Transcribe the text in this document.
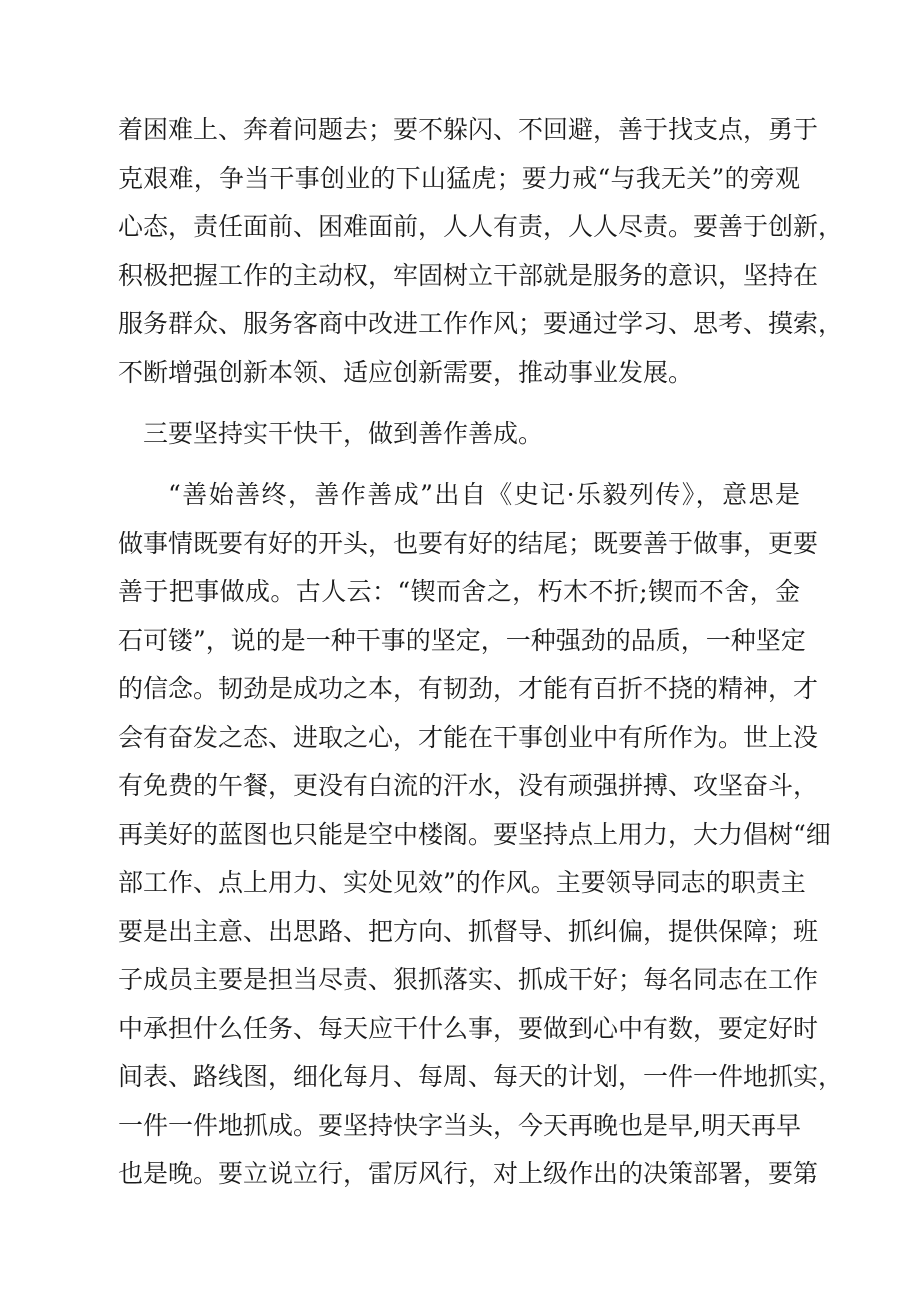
着困难上、奔着问题去；要不躲闪、不回避，善于找支点，勇于
克艰难，争当干事创业的下山猛虎；要力戒“与我无关”的旁观
心态，责任面前、困难面前，人人有责，人人尽责。要善于创新，
积极把握工作的主动权，牢固树立干部就是服务的意识，坚持在
服务群众、服务客商中改进工作作风；要通过学习、思考、摸索，
不断增强创新本领、适应创新需要，推动事业发展。
三要坚持实干快干，做到善作善成。
“善始善终，善作善成”出自《史记·乐毅列传》，意思是
做事情既要有好的开头，也要有好的结尾；既要善于做事，更要
善于把事做成。古人云：“锲而舍之，朽木不折;锲而不舍，金
石可镂”，说的是一种干事的坚定，一种强劲的品质，一种坚定
的信念。韧劲是成功之本，有韧劲，才能有百折不挠的精神，才
会有奋发之态、进取之心，才能在干事创业中有所作为。世上没
有免费的午餐，更没有白流的汗水，没有顽强拼搏、攻坚奋斗，
再美好的蓝图也只能是空中楼阁。要坚持点上用力，大力倡树“细
部工作、点上用力、实处见效”的作风。主要领导同志的职责主
要是出主意、出思路、把方向、抓督导、抓纠偏，提供保障；班
子成员主要是担当尽责、狠抓落实、抓成干好；每名同志在工作
中承担什么任务、每天应干什么事，要做到心中有数，要定好时
间表、路线图，细化每月、每周、每天的计划，一件一件地抓实，
一件一件地抓成。要坚持快字当头，今天再晚也是早,明天再早
也是晚。要立说立行，雷厉风行，对上级作出的决策部署，要第
